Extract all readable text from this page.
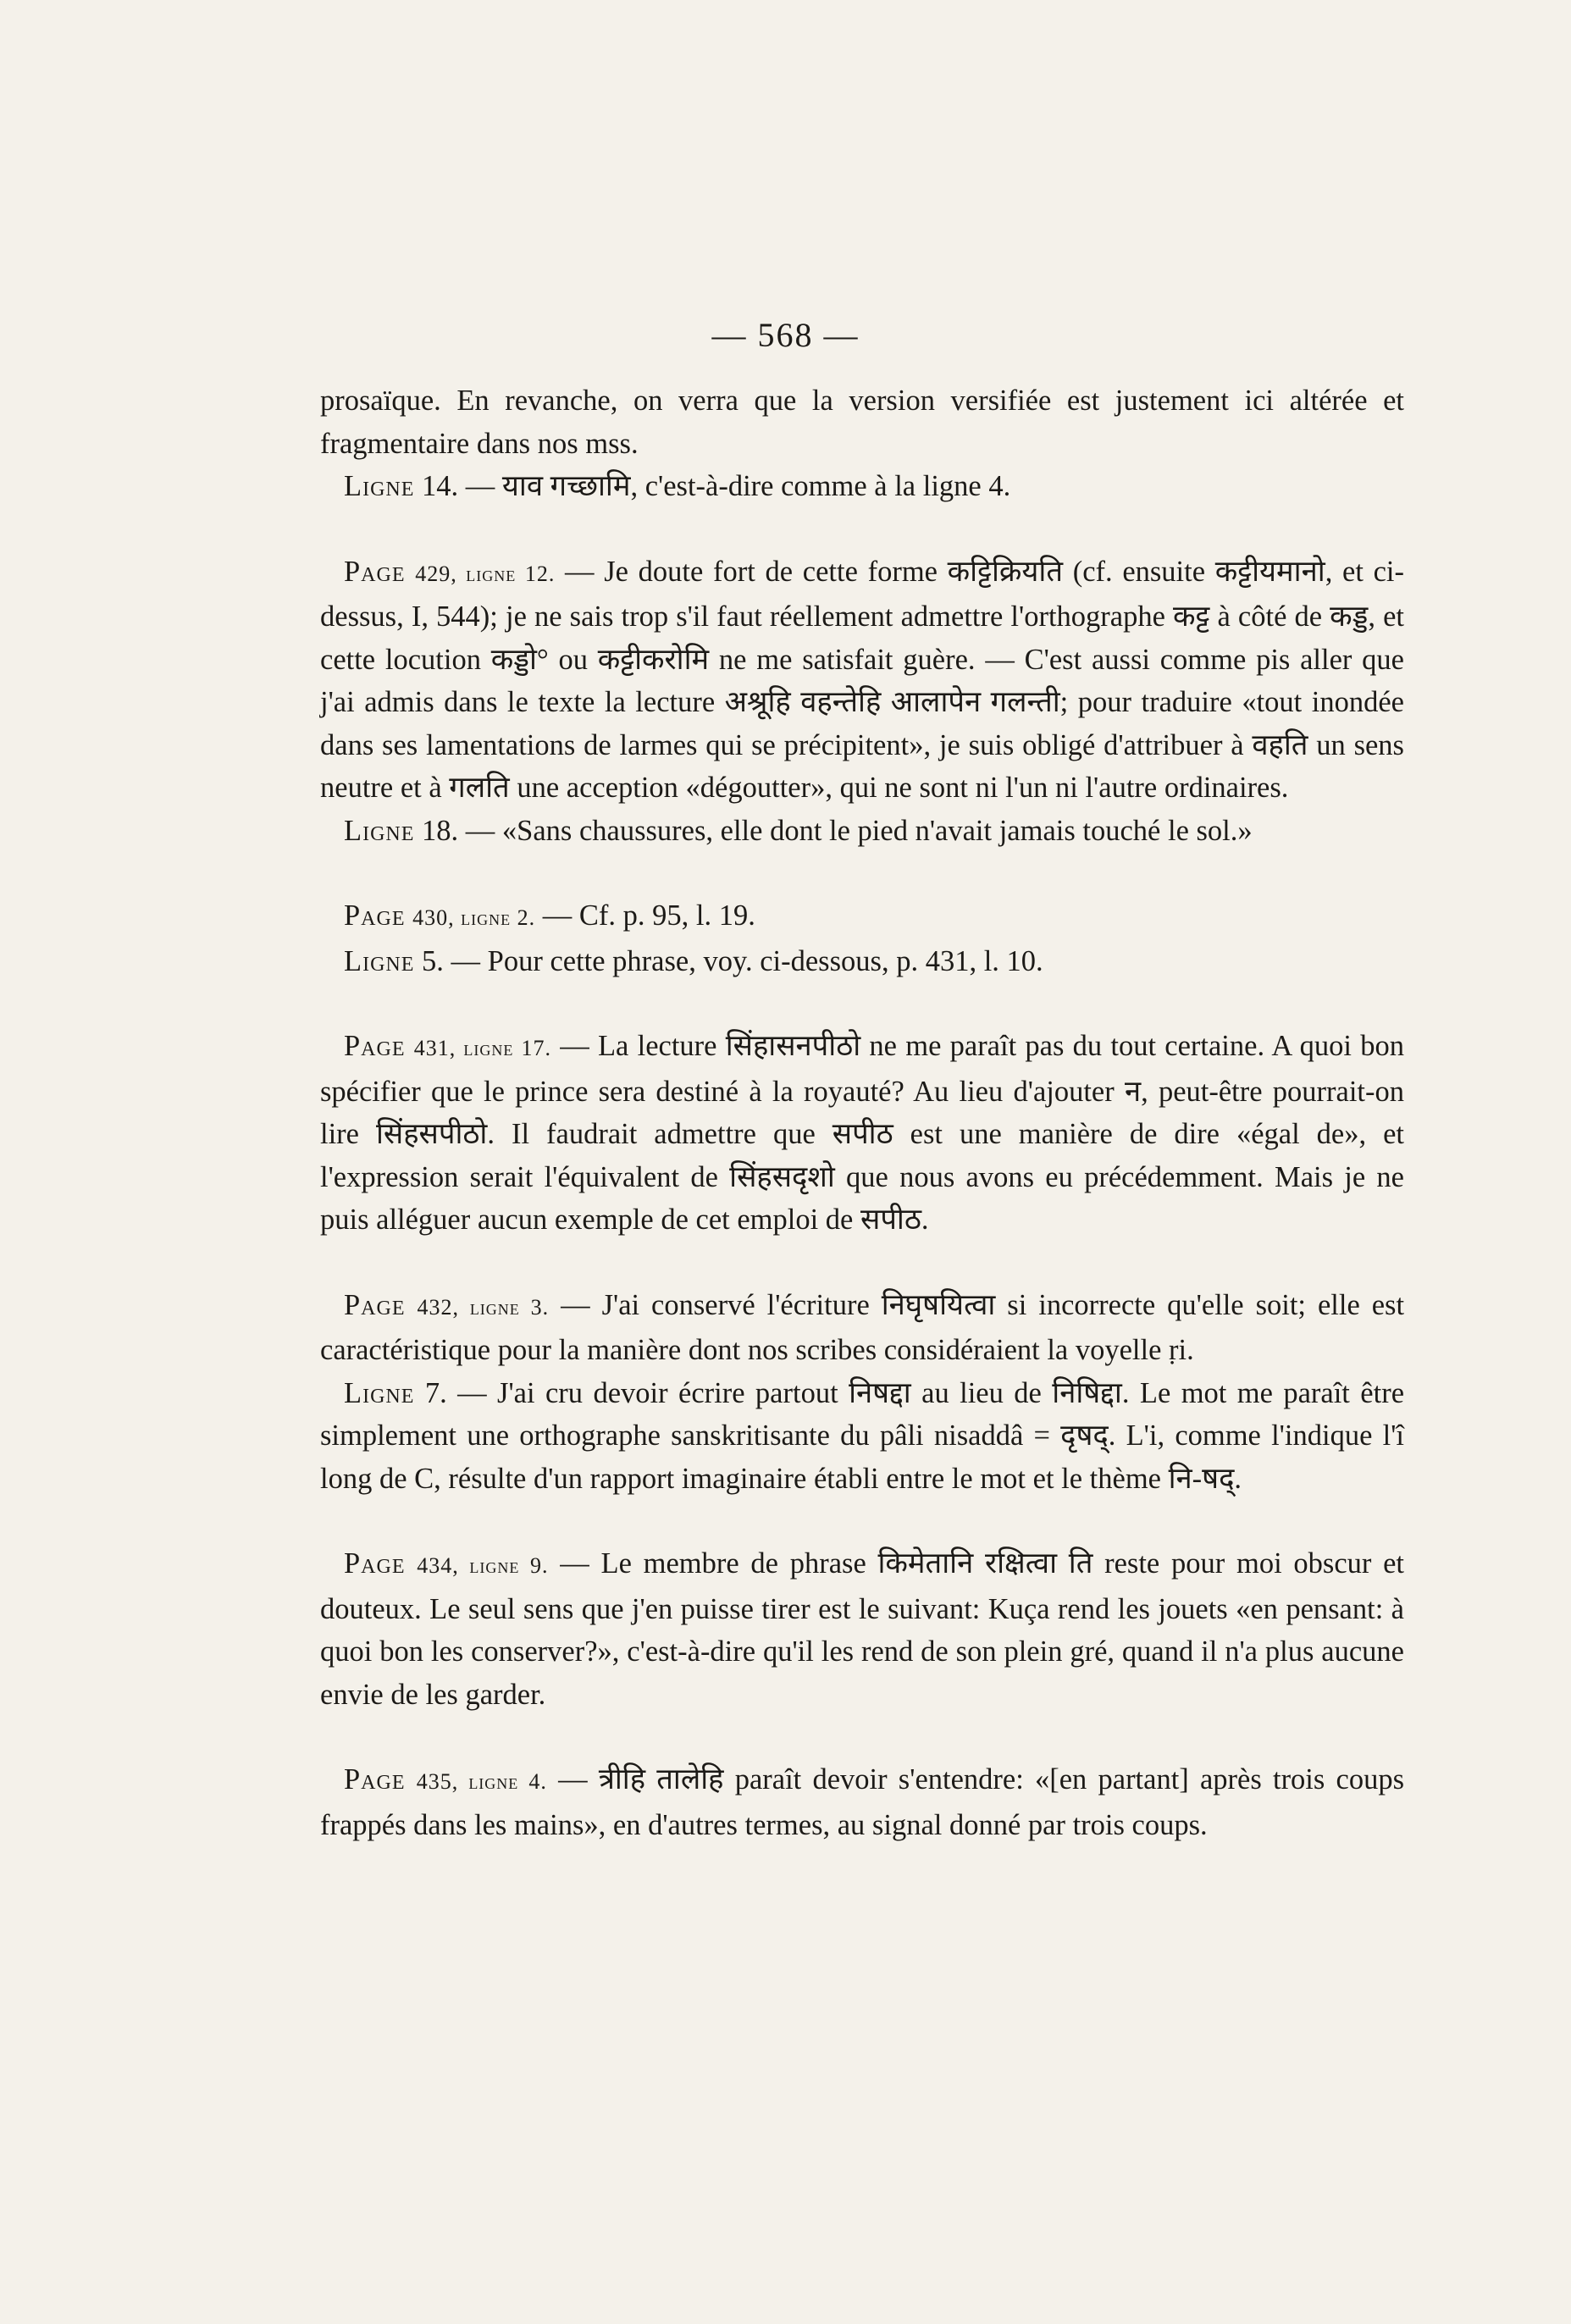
— 568 —

prosaïque. En revanche, on verra que la version versifiée est justement ici altérée et fragmentaire dans nos mss.

Ligne 14. — याव गच्छामि, c'est-à-dire comme à la ligne 4.

Page 429, ligne 12. — Je doute fort de cette forme कट्टिक्रियति (cf. ensuite कट्टीयमानो, et ci-dessus, I, 544); je ne sais trop s'il faut réellement admettre l'orthographe कट्ट à côté de कड्ड, et cette locution कड्डो° ou कट्टीकरोमि ne me satisfait guère. — C'est aussi comme pis aller que j'ai admis dans le texte la lecture अश्रूहि वहन्तेहि आलापेन गलन्ती; pour traduire «tout inondée dans ses lamentations de larmes qui se précipitent», je suis obligé d'attribuer à वहति un sens neutre et à गलति une acception «dégoutter», qui ne sont ni l'un ni l'autre ordinaires.

Ligne 18. — «Sans chaussures, elle dont le pied n'avait jamais touché le sol.»

Page 430, ligne 2. — Cf. p. 95, l. 19.

Ligne 5. — Pour cette phrase, voy. ci-dessous, p. 431, l. 10.

Page 431, ligne 17. — La lecture सिंहासनपीठो ne me paraît pas du tout certaine. A quoi bon spécifier que le prince sera destiné à la royauté? Au lieu d'ajouter न, peut-être pourrait-on lire सिंहसपीठो. Il faudrait admettre que सपीठ est une manière de dire «égal de», et l'expression serait l'équivalent de सिंहसदृशो que nous avons eu précédemment. Mais je ne puis alléguer aucun exemple de cet emploi de सपीठ.

Page 432, ligne 3. — J'ai conservé l'écriture निघृषयित्वा si incorrecte qu'elle soit; elle est caractéristique pour la manière dont nos scribes considéraient la voyelle ṛi.

Ligne 7. — J'ai cru devoir écrire partout निषद्दा au lieu de निषिद्दा. Le mot me paraît être simplement une orthographe sanskritisante du pâli nisaddâ = दृषद्. L'i, comme l'indique l'î long de C, résulte d'un rapport imaginaire établi entre le mot et le thème नि-षद्.

Page 434, ligne 9. — Le membre de phrase किमेतानि रक्षित्वा ति reste pour moi obscur et douteux. Le seul sens que j'en puisse tirer est le suivant: Kuça rend les jouets «en pensant: à quoi bon les conserver?», c'est-à-dire qu'il les rend de son plein gré, quand il n'a plus aucune envie de les garder.

Page 435, ligne 4. — त्रीहि तालेहि paraît devoir s'entendre: «[en partant] après trois coups frappés dans les mains», en d'autres termes, au signal donné par trois coups.
